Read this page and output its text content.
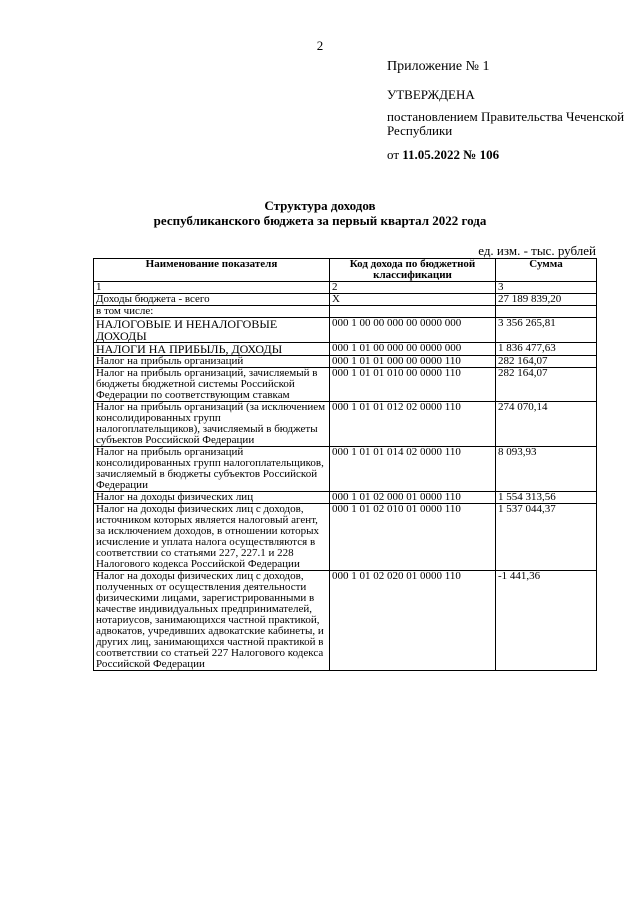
2
Приложение № 1
УТВЕРЖДЕНА
постановлением Правительства Чеченской Республики
от 11.05.2022 № 106
Структура доходов
республиканского бюджета за первый квартал 2022 года
ед. изм. - тыс. рублей
Наименование показателя	Код дохода по бюджетной классификации	Сумма
1	2	3
Доходы бюджета - всего	X	27 189 839,20
в том числе:		
НАЛОГОВЫЕ И НЕНАЛОГОВЫЕ ДОХОДЫ	000 1 00 00 000 00 0000 000	3 356 265,81
НАЛОГИ НА ПРИБЫЛЬ, ДОХОДЫ	000 1 01 00 000 00 0000 000	1 836 477,63
Налог на прибыль организаций	000 1 01 01 000 00 0000 110	282 164,07
Налог на прибыль организаций, зачисляемый в бюджеты бюджетной системы Российской Федерации по соответствующим ставкам	000 1 01 01 010 00 0000 110	282 164,07
Налог на прибыль организаций (за исключением консолидированных групп налогоплательщиков), зачисляемый в бюджеты субъектов Российской Федерации	000 1 01 01 012 02 0000 110	274 070,14
Налог на прибыль организаций консолидированных групп налогоплательщиков, зачисляемый в бюджеты субъектов Российской Федерации	000 1 01 01 014 02 0000 110	8 093,93
Налог на доходы физических лиц	000 1 01 02 000 01 0000 110	1 554 313,56
Налог на доходы физических лиц с доходов, источником которых является налоговый агент, за исключением доходов, в отношении которых исчисление и уплата налога осуществляются в соответствии со статьями 227, 227.1 и 228 Налогового кодекса Российской Федерации	000 1 01 02 010 01 0000 110	1 537 044,37
Налог на доходы физических лиц с доходов, полученных от осуществления деятельности физическими лицами, зарегистрированными в качестве индивидуальных предпринимателей, нотариусов, занимающихся частной практикой, адвокатов, учредивших адвокатские кабинеты, и других лиц, занимающихся частной практикой в соответствии со статьей 227 Налогового кодекса Российской Федерации	000 1 01 02 020 01 0000 110	-1 441,36
